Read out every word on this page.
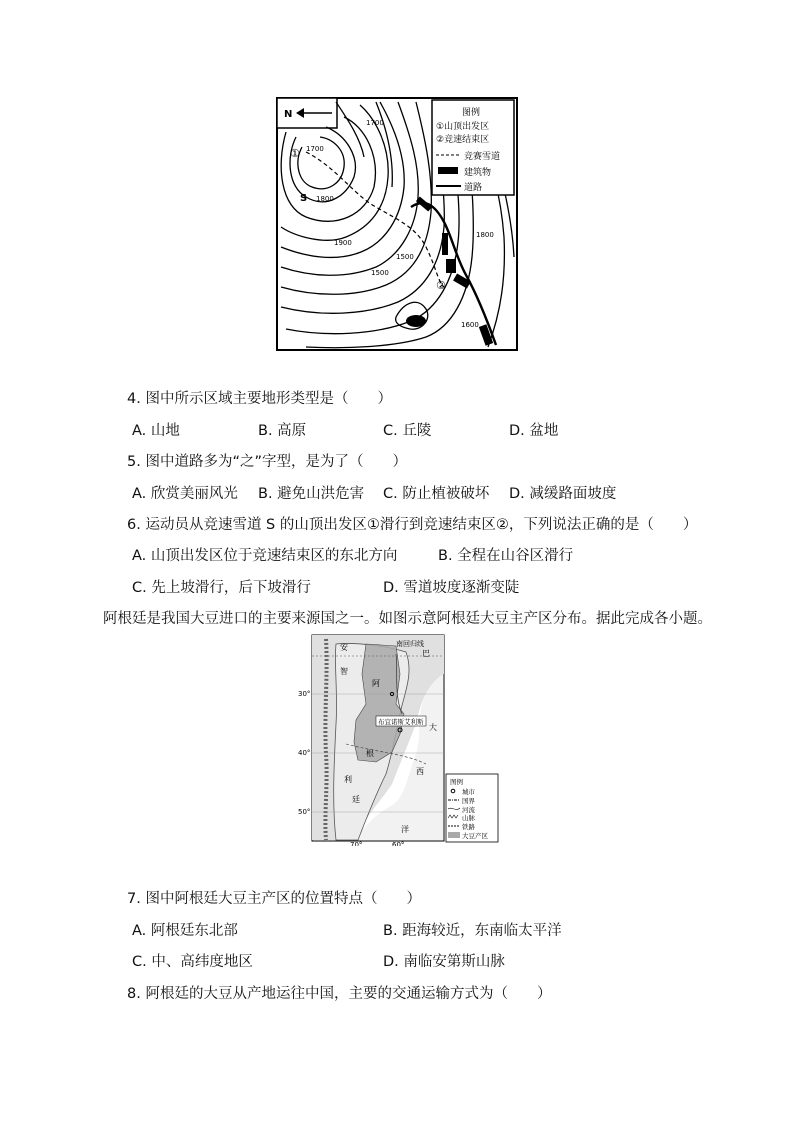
N
1700
1800
1700
1500
1900
1800
1600
1500
①
②
S
图例
①山顶出发区
②竞速结束区
竞赛雪道
建筑物
道路
4. 图中所示区域主要地形类型是（　　）
A. 山地	B. 高原	C. 丘陵	D. 盆地
5. 图中道路多为“之”字型，是为了（　　）
A. 欣赏美丽风光 B. 避免山洪危害 C. 防止植被破坏 D. 减缓路面坡度
6. 运动员从竞速雪道 S 的山顶出发区①滑行到竞速结束区②，下列说法正确的是（　　）
A. 山顶出发区位于竞速结束区的东北方向	B. 全程在山谷区滑行
C. 先上坡滑行，后下坡滑行	D. 雪道坡度逐渐变陡
阿根廷是我国大豆进口的主要来源国之一。如图示意阿根廷大豆主产区分布。据此完成各小题。
南回归线
30°
40°
50°
70°	60°
安
智
阿
根
廷
利
巴
大
西
洋
布宜诺斯艾利斯
图例
城市
国界
河流
山脉
铁路
大豆产区
7. 图中阿根廷大豆主产区的位置特点（　　）
A. 阿根廷东北部	B. 距海较近，东南临太平洋
C. 中、高纬度地区	D. 南临安第斯山脉
8. 阿根廷的大豆从产地运往中国，主要的交通运输方式为（　　）
